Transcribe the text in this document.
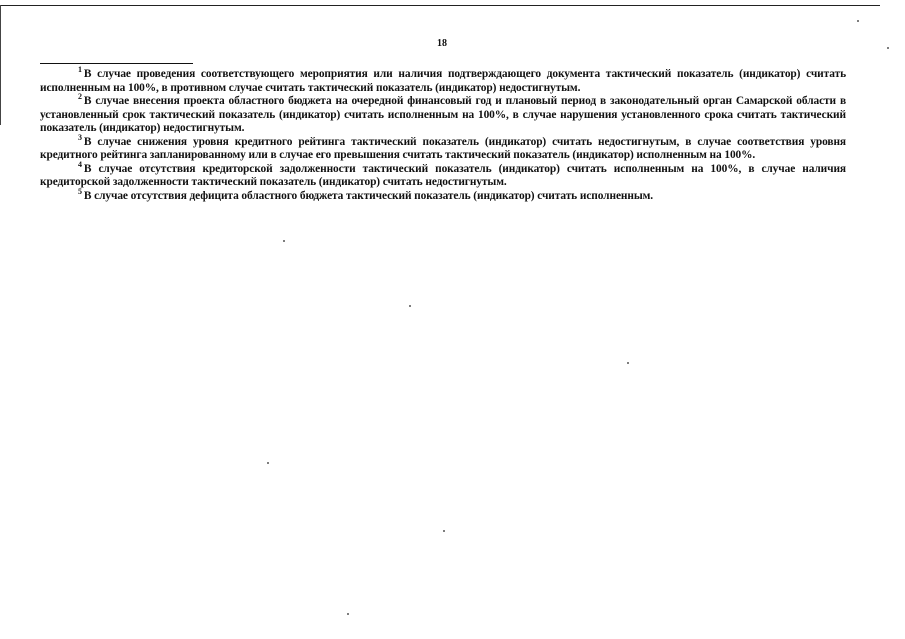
18

$^1$ В случае проведения соответствующего мероприятия или наличия подтверждающего документа тактический показатель (индикатор) считать исполненным на 100%, в противном случае считать тактический показатель (индикатор) недостигнутым.

$^2$ В случае внесения проекта областного бюджета на очередной финансовый год и плановый период в законодательный орган Самарской области в установленный срок тактический показатель (индикатор) считать исполненным на 100%, в случае нарушения установленного срока считать тактический показатель (индикатор) недостигнутым.

$^3$ В случае снижения уровня кредитного рейтинга тактический показатель (индикатор) считать недостигнутым, в случае соответствия уровня кредитного рейтинга запланированному или в случае его превышения считать тактический показатель (индикатор) исполненным на 100%.

$^4$ В случае отсутствия кредиторской задолженности тактический показатель (индикатор) считать исполненным на 100%, в случае наличия кредиторской задолженности тактический показатель (индикатор) считать недостигнутым.

$^5$ В случае отсутствия дефицита областного бюджета тактический показатель (индикатор) считать исполненным.
